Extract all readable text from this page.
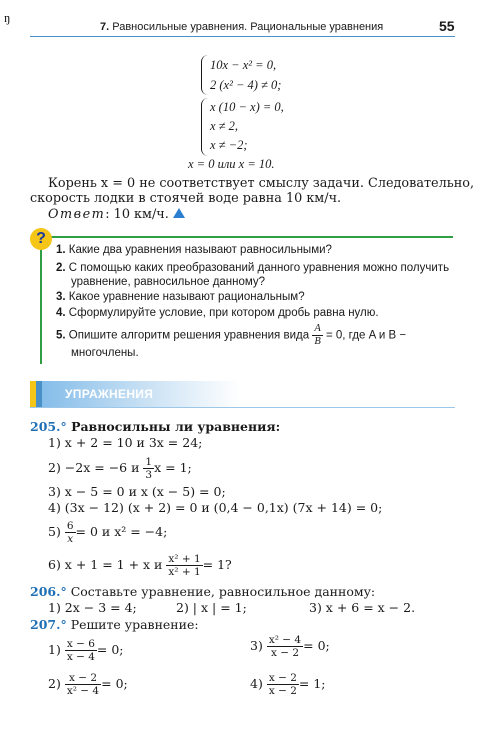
ŋ
7. Равносильные уравнения. Рациональные уравнения	55
10x − x² = 0,
2 (x² − 4) ≠ 0;
x (10 − x) = 0,
x ≠ 2,
x ≠ −2;
x = 0 или x = 10.
Корень x = 0 не соответствует смыслу задачи. Следовательно,
скорость лодки в стоячей воде равна 10 км/ч.
Ответ: 10 км/ч.
?
1. Какие два уравнения называют равносильными?
2. С помощью каких преобразований данного уравнения можно получить
уравнение, равносильное данному?
3. Какое уравнение называют рациональным?
4. Сформулируйте условие, при котором дробь равна нулю.
5. Опишите алгоритм решения уравнения вида $\frac{A}{B} = 0$, где A и B −
многочлены.
УПРАЖНЕНИЯ
205.° Равносильны ли уравнения:
1) x + 2 = 10 и 3x = 24;
2) −2x = −6 и $\frac{1}{3}$ x = 1;
3) x − 5 = 0 и x (x − 5) = 0;
4) (3x − 12) (x + 2) = 0 и (0,4 − 0,1x) (7x + 14) = 0;
$5) \frac{6}{x} = 0$ и x² = −4;
6) x + 1 = 1 + x и $\frac{\text{x² + 1}}{\text{x² + 1}} = 1$?
206.° Составьте уравнение, равносильное данному:
1) 2x − 3 = 4;	2) | x | = 1;	3) x + 6 = x − 2.
207.° Решите уравнение:
$1) \frac{x - 6}{x - 4} = 0$;	$3) \frac{\text{x² − 4}}{x - 2} = 0$;
$2) \frac{x - 2}{\text{x² − 4}} = 0$;	$4) \frac{x - 2}{x - 2} = 1$;
